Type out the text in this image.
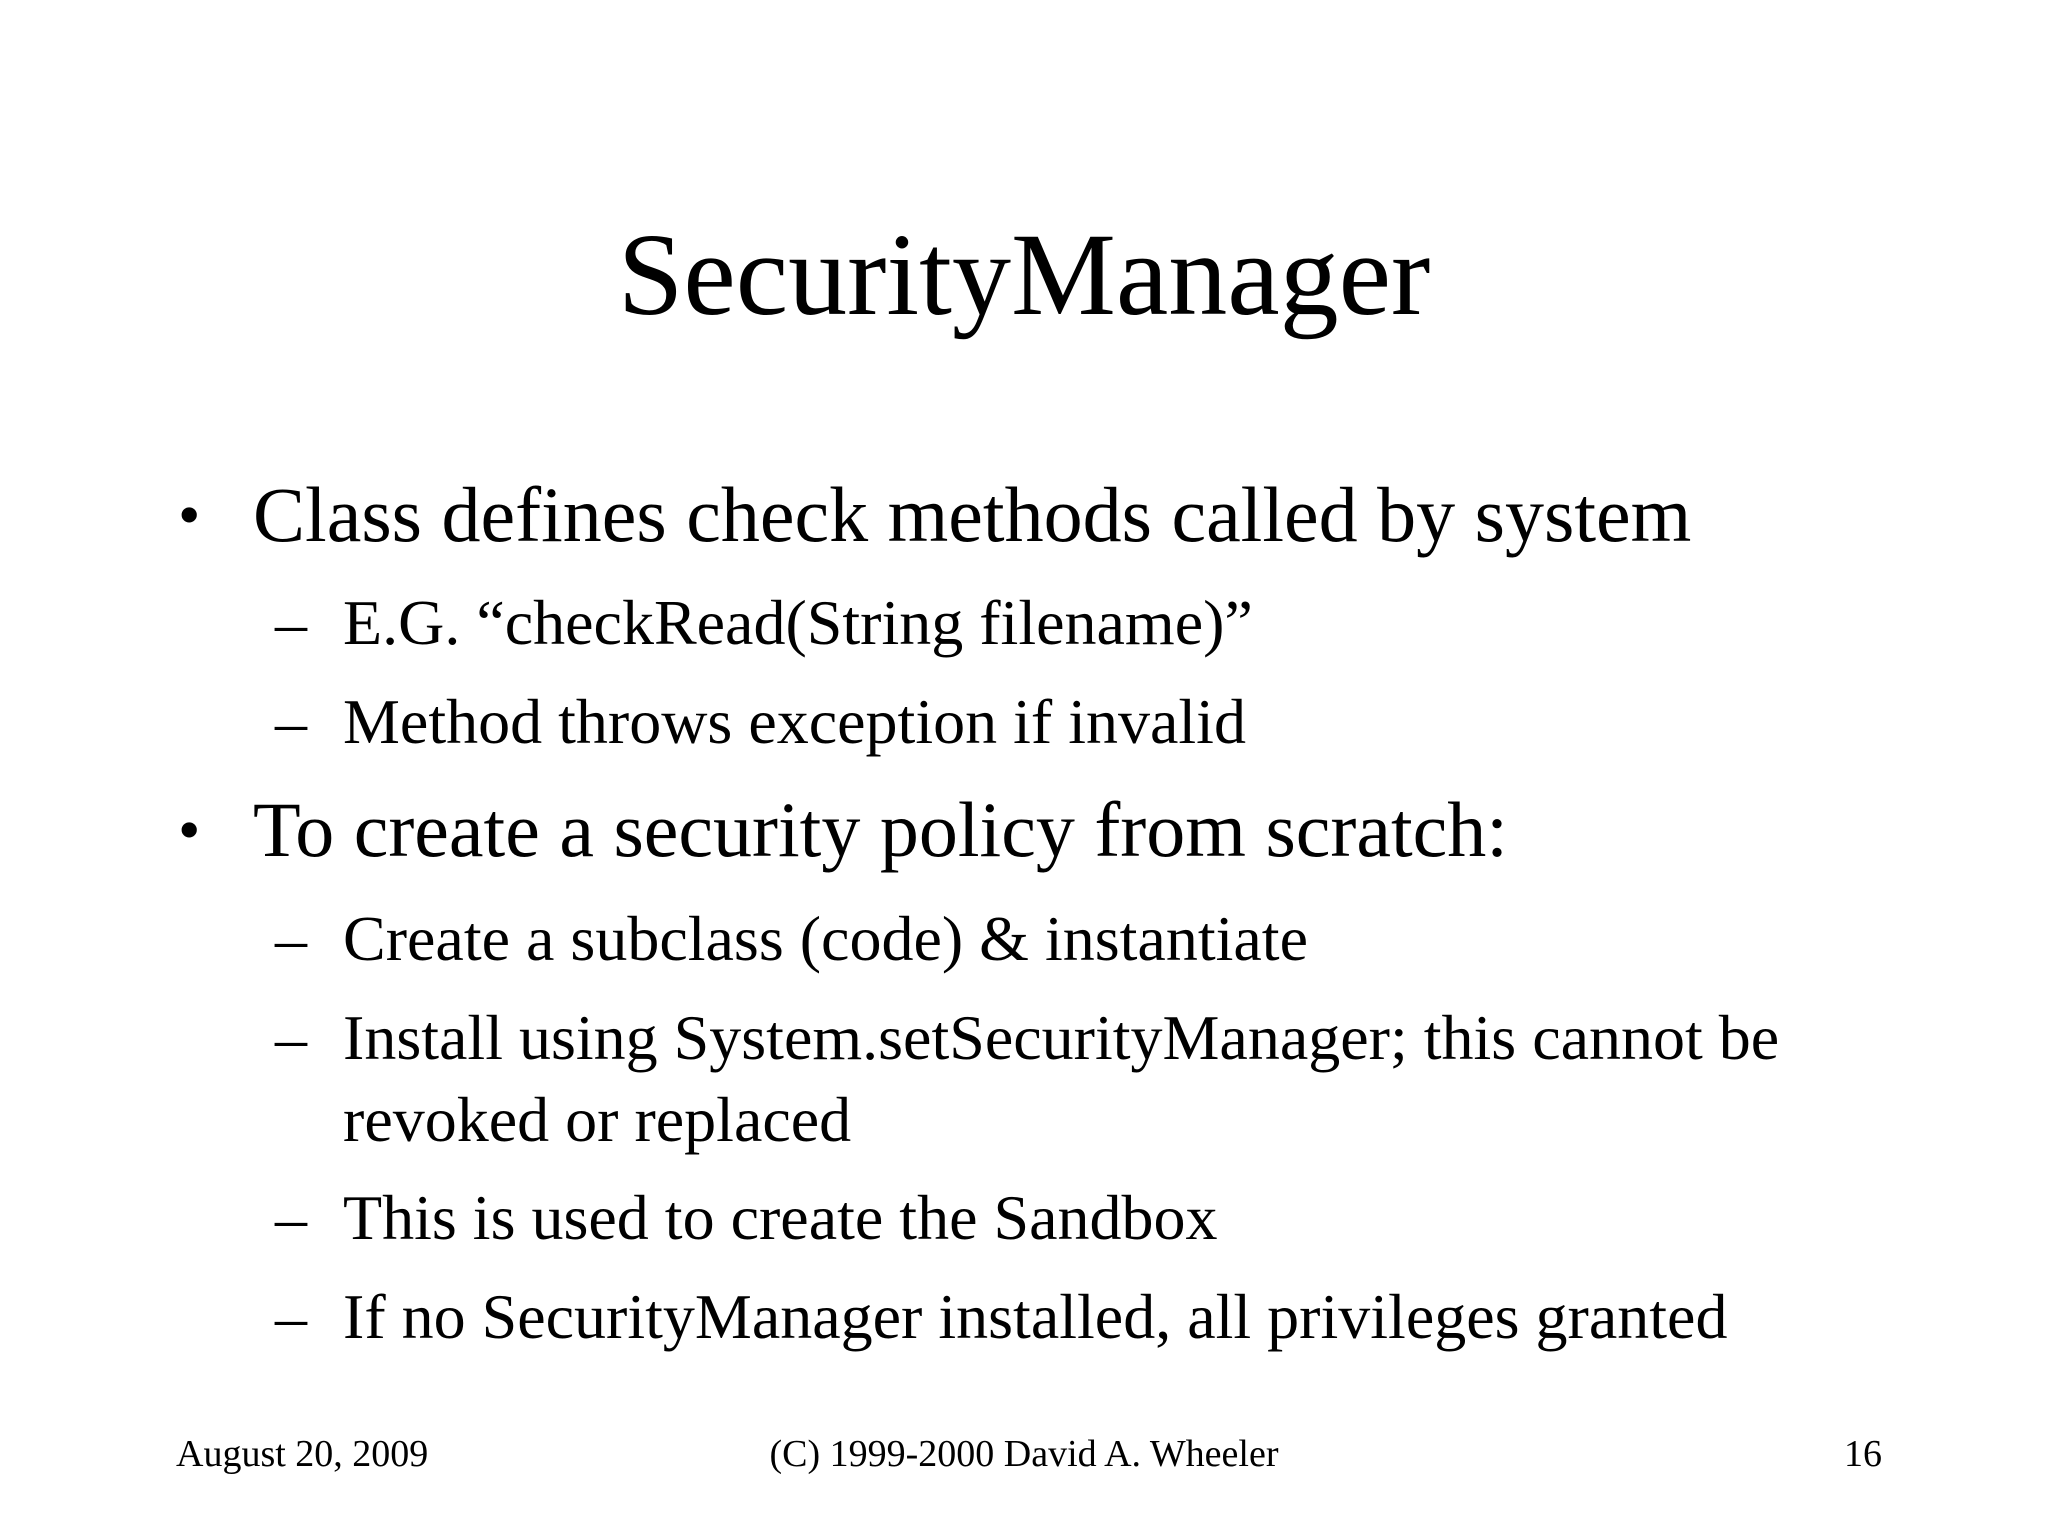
SecurityManager
• Class defines check methods called by system
– E.G. “checkRead(String filename)”
– Method throws exception if invalid
• To create a security policy from scratch:
– Create a subclass (code) & instantiate
– Install using System.setSecurityManager; this cannot be revoked or replaced
– This is used to create the Sandbox
– If no SecurityManager installed, all privileges granted
August 20, 2009	(C) 1999-2000 David A. Wheeler	16
